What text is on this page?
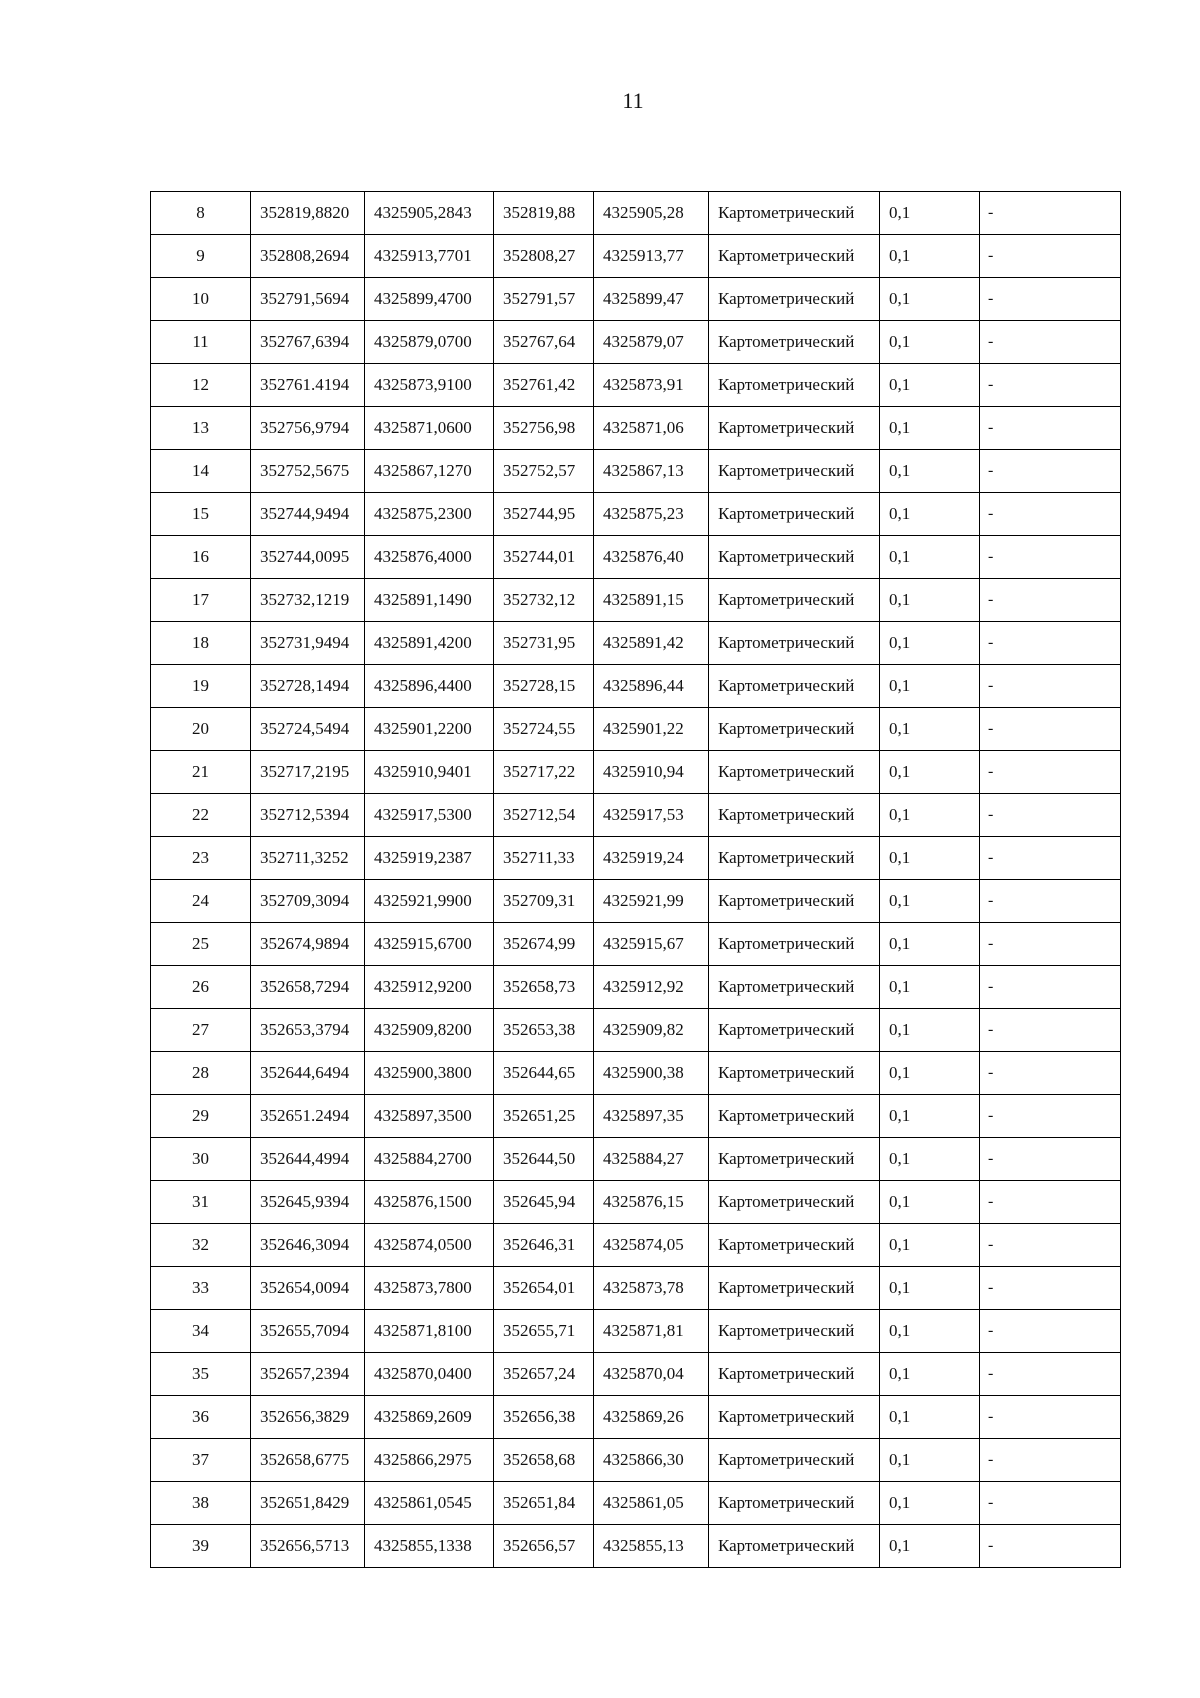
11
8	352819,8820	4325905,2843	352819,88	4325905,28	Картометрический	0,1	-
9	352808,2694	4325913,7701	352808,27	4325913,77	Картометрический	0,1	-
10	352791,5694	4325899,4700	352791,57	4325899,47	Картометрический	0,1	-
11	352767,6394	4325879,0700	352767,64	4325879,07	Картометрический	0,1	-
12	352761.4194	4325873,9100	352761,42	4325873,91	Картометрический	0,1	-
13	352756,9794	4325871,0600	352756,98	4325871,06	Картометрический	0,1	-
14	352752,5675	4325867,1270	352752,57	4325867,13	Картометрический	0,1	-
15	352744,9494	4325875,2300	352744,95	4325875,23	Картометрический	0,1	-
16	352744,0095	4325876,4000	352744,01	4325876,40	Картометрический	0,1	-
17	352732,1219	4325891,1490	352732,12	4325891,15	Картометрический	0,1	-
18	352731,9494	4325891,4200	352731,95	4325891,42	Картометрический	0,1	-
19	352728,1494	4325896,4400	352728,15	4325896,44	Картометрический	0,1	-
20	352724,5494	4325901,2200	352724,55	4325901,22	Картометрический	0,1	-
21	352717,2195	4325910,9401	352717,22	4325910,94	Картометрический	0,1	-
22	352712,5394	4325917,5300	352712,54	4325917,53	Картометрический	0,1	-
23	352711,3252	4325919,2387	352711,33	4325919,24	Картометрический	0,1	-
24	352709,3094	4325921,9900	352709,31	4325921,99	Картометрический	0,1	-
25	352674,9894	4325915,6700	352674,99	4325915,67	Картометрический	0,1	-
26	352658,7294	4325912,9200	352658,73	4325912,92	Картометрический	0,1	-
27	352653,3794	4325909,8200	352653,38	4325909,82	Картометрический	0,1	-
28	352644,6494	4325900,3800	352644,65	4325900,38	Картометрический	0,1	-
29	352651.2494	4325897,3500	352651,25	4325897,35	Картометрический	0,1	-
30	352644,4994	4325884,2700	352644,50	4325884,27	Картометрический	0,1	-
31	352645,9394	4325876,1500	352645,94	4325876,15	Картометрический	0,1	-
32	352646,3094	4325874,0500	352646,31	4325874,05	Картометрический	0,1	-
33	352654,0094	4325873,7800	352654,01	4325873,78	Картометрический	0,1	-
34	352655,7094	4325871,8100	352655,71	4325871,81	Картометрический	0,1	-
35	352657,2394	4325870,0400	352657,24	4325870,04	Картометрический	0,1	-
36	352656,3829	4325869,2609	352656,38	4325869,26	Картометрический	0,1	-
37	352658,6775	4325866,2975	352658,68	4325866,30	Картометрический	0,1	-
38	352651,8429	4325861,0545	352651,84	4325861,05	Картометрический	0,1	-
39	352656,5713	4325855,1338	352656,57	4325855,13	Картометрический	0,1	-
